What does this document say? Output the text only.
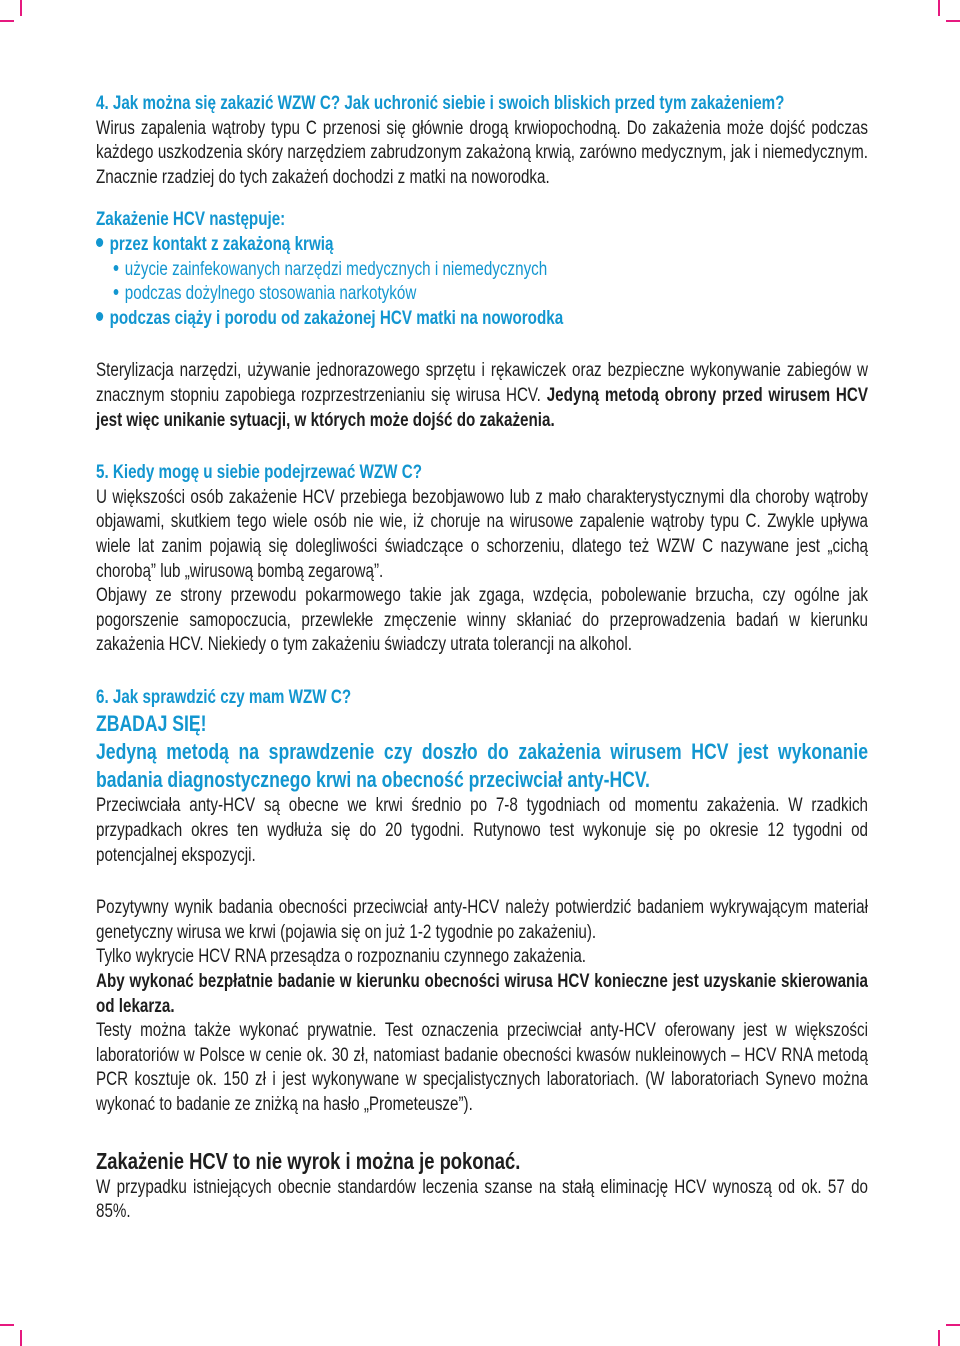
4. Jak można się zakazić WZW C? Jak uchronić siebie i swoich bliskich przed tym zakażeniem?
Wirus zapalenia wątroby typu C przenosi się głównie drogą krwiopochodną. Do zakażenia może dojść podczas każdego uszkodzenia skóry narzędziem zabrudzonym zakażoną krwią, zarówno medycznym, jak i niemedycznym. Znacznie rzadziej do tych zakażeń dochodzi z matki na noworodka.
Zakażenie HCV następuje:
przez kontakt z zakażoną krwią
użycie zainfekowanych narzędzi medycznych i niemedycznych
podczas dożylnego stosowania narkotyków
podczas ciąży i porodu od zakażonej HCV matki na noworodka
Sterylizacja narzędzi, używanie jednorazowego sprzętu i rękawiczek oraz bezpieczne wykonywanie zabiegów w znacznym stopniu zapobiega rozprzestrzenianiu się wirusa HCV. Jedyną metodą obrony przed wirusem HCV jest więc unikanie sytuacji, w których może dojść do zakażenia.
5. Kiedy mogę u siebie podejrzewać WZW C?
U większości osób zakażenie HCV przebiega bezobjawowo lub z mało charakterystycznymi dla choroby wątroby objawami, skutkiem tego wiele osób nie wie, iż choruje na wirusowe zapalenie wątroby typu C. Zwykle upływa wiele lat zanim pojawią się dolegliwości świadczące o schorzeniu, dlatego też WZW C nazywane jest „cichą chorobą” lub „wirusową bombą zegarową”.
Objawy ze strony przewodu pokarmowego takie jak zgaga, wzdęcia, pobolewanie brzucha, czy ogólne jak pogorszenie samopoczucia, przewlekłe zmęczenie winny skłaniać do przeprowadzenia badań w kierunku zakażenia HCV. Niekiedy o tym zakażeniu świadczy utrata tolerancji na alkohol.
6. Jak sprawdzić czy mam WZW C?
ZBADAJ SIĘ!
Jedyną metodą na sprawdzenie czy doszło do zakażenia wirusem HCV jest wykonanie badania diagnostycznego krwi na obecność przeciwciał anty-HCV.
Przeciwciała anty-HCV są obecne we krwi średnio po 7-8 tygodniach od momentu zakażenia. W rzadkich przypadkach okres ten wydłuża się do 20 tygodni. Rutynowo test wykonuje się po okresie 12 tygodni od potencjalnej ekspozycji.
Pozytywny wynik badania obecności przeciwciał anty-HCV należy potwierdzić badaniem wykrywającym materiał genetyczny wirusa we krwi (pojawia się on już 1-2 tygodnie po zakażeniu).
Tylko wykrycie HCV RNA przesądza o rozpoznaniu czynnego zakażenia.
Aby wykonać bezpłatnie badanie w kierunku obecności wirusa HCV konieczne jest uzyskanie skierowania od lekarza.
Testy można także wykonać prywatnie. Test oznaczenia przeciwciał anty-HCV oferowany jest w większości laboratoriów w Polsce w cenie ok. 30 zł, natomiast badanie obecności kwasów nukleinowych – HCV RNA metodą PCR kosztuje ok. 150 zł i jest wykonywane w specjalistycznych laboratoriach. (W laboratoriach Synevo można wykonać to badanie ze zniżką na hasło „Prometeusze”).
Zakażenie HCV to nie wyrok i można je pokonać.
W przypadku istniejących obecnie standardów leczenia szanse na stałą eliminację HCV wynoszą od ok. 57 do 85%.
